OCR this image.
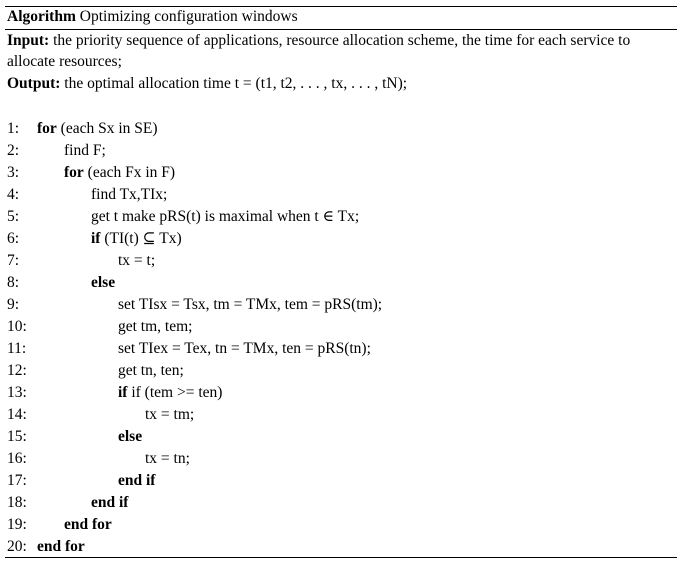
Algorithm Optimizing configuration windows
Input: the priority sequence of applications, resource allocation scheme, the time for each service to allocate resources;
Output: the optimal allocation time t = (t1, t2, . . . , tx, . . . , tN);
1:	for (each Sx in SE)
2:	find F;
3:	for (each Fx in F)
4:	find Tx,TIx;
5:	get t make pRS(t) is maximal when t ∈ Tx;
6:	if (TI(t) ⊆ Tx)
7:	tx = t;
8:	else
9:	set TIsx = Tsx, tm = TMx, tem = pRS(tm);
10:	get tm, tem;
11:	set TIex = Tex, tn = TMx, ten = pRS(tn);
12:	get tn, ten;
13:	if if (tem >= ten)
14:	tx = tm;
15:	else
16:	tx = tn;
17:	end if
18:	end if
19:	end for
20: end for
